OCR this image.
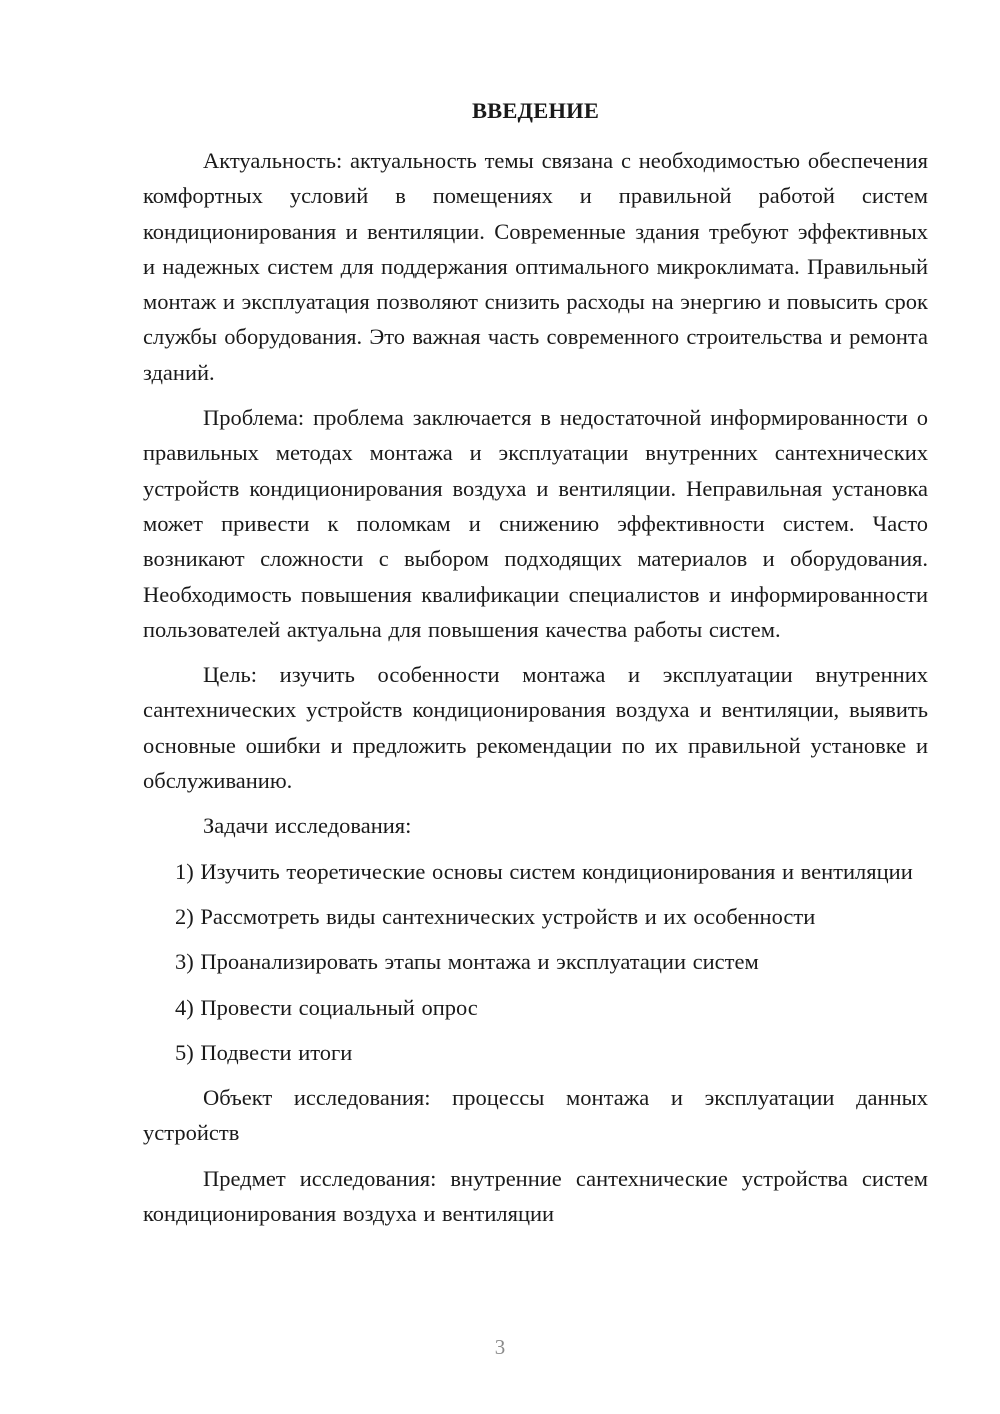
ВВЕДЕНИЕ

Актуальность: актуальность темы связана с необходимостью обеспечения комфортных условий в помещениях и правильной работой систем кондиционирования и вентиляции. Современные здания требуют эффективных и надежных систем для поддержания оптимального микроклимата. Правильный монтаж и эксплуатация позволяют снизить расходы на энергию и повысить срок службы оборудования. Это важная часть современного строительства и ремонта зданий.

Проблема: проблема заключается в недостаточной информированности о правильных методах монтажа и эксплуатации внутренних сантехнических устройств кондиционирования воздуха и вентиляции. Неправильная установка может привести к поломкам и снижению эффективности систем. Часто возникают сложности с выбором подходящих материалов и оборудования. Необходимость повышения квалификации специалистов и информированности пользователей актуальна для повышения качества работы систем.

Цель: изучить особенности монтажа и эксплуатации внутренних сантехнических устройств кондиционирования воздуха и вентиляции, выявить основные ошибки и предложить рекомендации по их правильной установке и обслуживанию.

Задачи исследования:

1) Изучить теоретические основы систем кондиционирования и вентиляции

2) Рассмотреть виды сантехнических устройств и их особенности

3) Проанализировать этапы монтажа и эксплуатации систем

4) Провести социальный опрос

5) Подвести итоги

Объект исследования: процессы монтажа и эксплуатации данных устройств

Предмет исследования: внутренние сантехнические устройства систем кондиционирования воздуха и вентиляции

3
